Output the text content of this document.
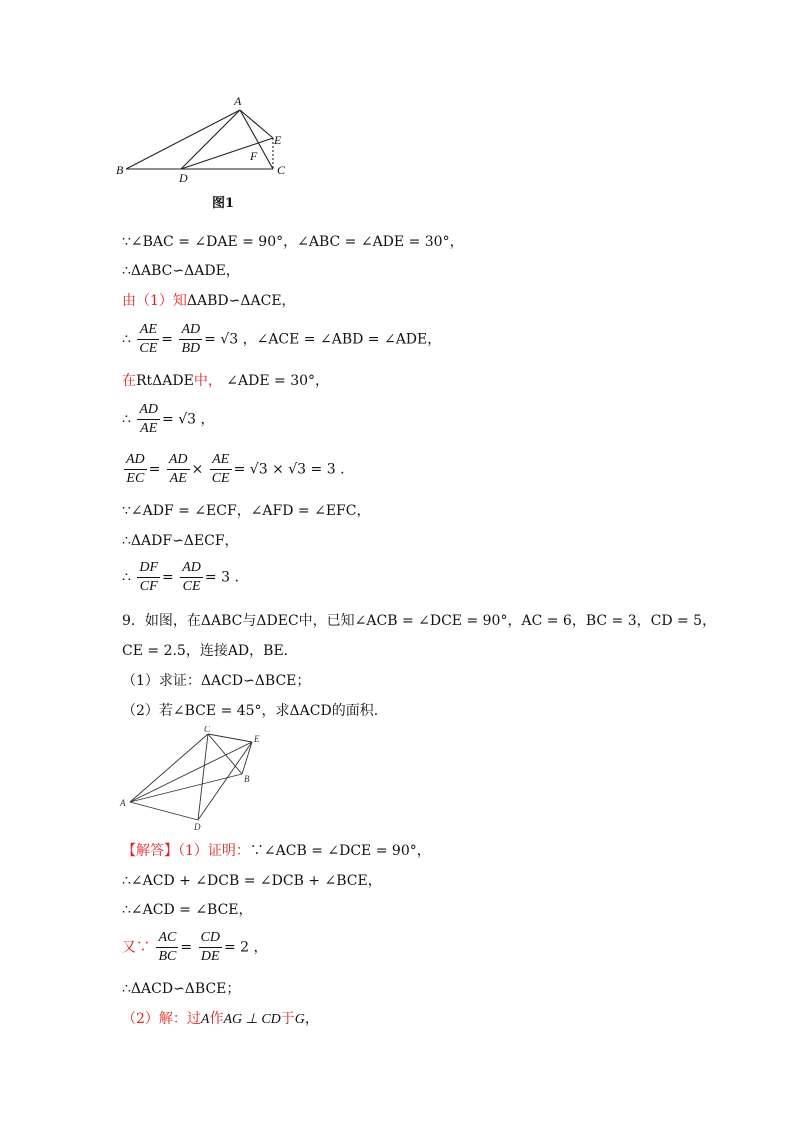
A
B	C
D
E
F
图1
∵∠BAC = ∠DAE = 90°，∠ABC = ∠ADE = 30°，
∴ΔABC∽ΔADE，
由（1）知ΔABD∽ΔACE，
∴ $\frac{AE}{CE} = \frac{AD}{BD} = √3$ ，∠ACE = ∠ABD = ∠ADE，
在RtΔADE中， ∠ADE = 30°，
∴ $\frac{AD}{AE} = √3$ ，
$\frac{AD}{EC} = \frac{AD}{AE} \times \frac{AE}{CE} = √3 \times √3 = 3$ .
∵∠ADF = ∠ECF，∠AFD = ∠EFC，
∴ΔADF∽ΔECF，
∴ $\frac{DF}{CF} = \frac{AD}{CE} = 3$ .
9．如图，在ΔABC与ΔDEC中，已知∠ACB = ∠DCE = 90°，AC = 6，BC = 3，CD = 5，
CE = 2.5，连接AD，BE．
（1）求证：ΔACD∽ΔBCE；
（2）若∠BCE = 45°，求ΔACD的面积．
A
B
C
D
E
【解答】（1）证明：∵∠ACB = ∠DCE = 90°，
∴∠ACD + ∠DCB = ∠DCB + ∠BCE，
∴∠ACD = ∠BCE，
又∵ $\frac{AC}{BC} = \frac{CD}{DE} = 2$ ，
∴ΔACD∽ΔBCE；
（2）解：过A作AG ⊥ CD于G，
